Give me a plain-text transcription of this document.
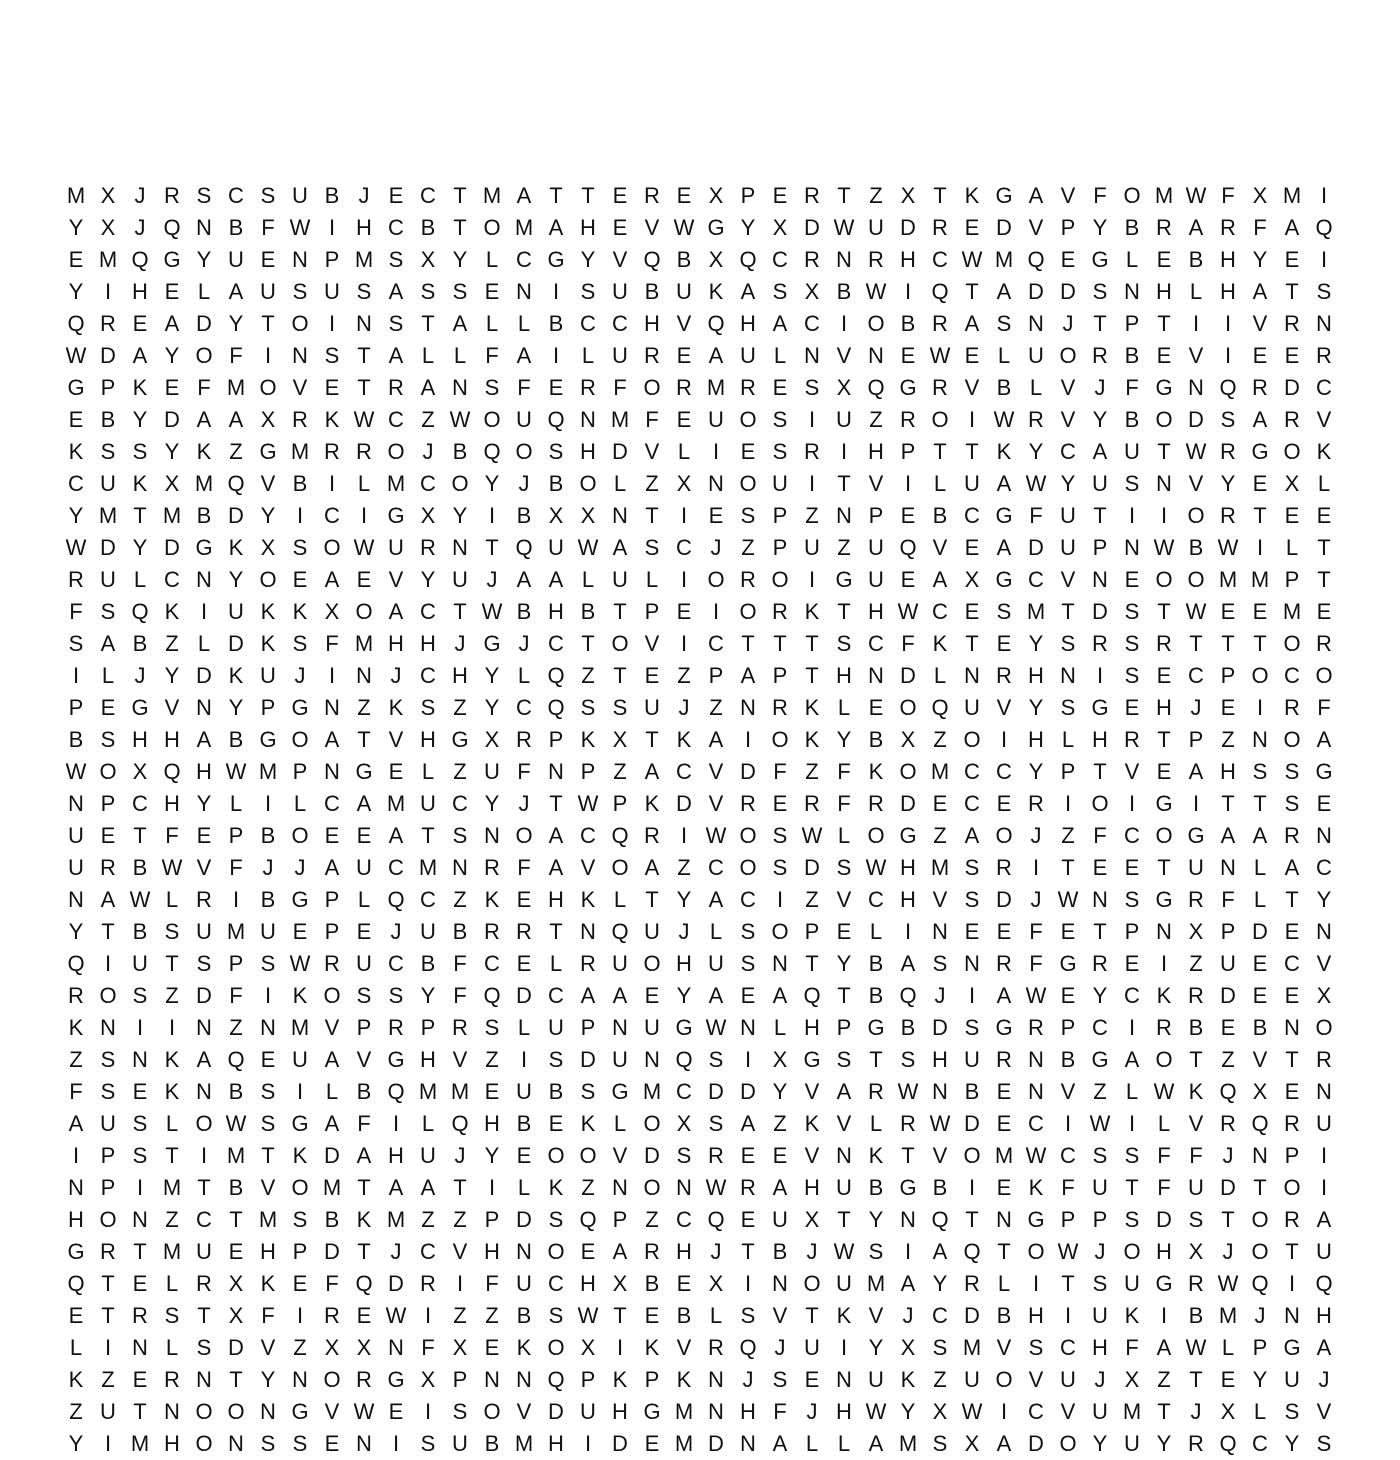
M X J R S C S U B J E C T M A T T E R E X P E R T Z X T K G A V F O M W F X M I
Y X J Q N B F W I H C B T O M A H E V W G Y X D W U D R E D V P Y B R A R F A Q
E M Q G Y U E N P M S X Y L C G Y V Q B X Q C R N R H C W M Q E G L E B H Y E I
Y I H E L A U S U S A S S E N I S U B U K A S X B W I Q T A D D S N H L H A T S
Q R E A D Y T O I N S T A L L B C C H V Q H A C I O B R A S N J T P T	I	I V R N
W D A Y O F	I N S T A L L F A I	L U R E A U L N V N E W E L U O R B E V I E E R
G P K E F M O V E T R A N S F E R F O R M R E S X Q G R V B L V J F G N Q R D C
E B Y D A A X R K W C Z W O U Q N M F E U O S I U Z R O I W R V Y B O D S A R V
K S S Y K Z G M R R O J B Q O S H D V L	I E S R I H P T T K Y C A U T W R G O K
C U K X M Q V B I	L M C O Y J B O L Z X N O U I	T V I	L U A W Y U S N V Y E X L
Y M T M B D Y I C I G X Y I B X X N T	I E S P Z N P E B C G F U T	I	I O R T E E
W D Y D G K X S O W U R N T Q U W A S C J Z P U Z U Q V E A D U P N W B W I	L T
R U L C N Y O E A E V Y U J A A L U L	I O R O I G U E A X G C V N E O O M M P T
F S Q K I U K K X O A C T W B H B T P E I O R K T H W C E S M T D S T W E E M E
S A B Z L D K S F M H H J G J C T O V I C T T T S C F K T E Y S R S R T T T O R
I	L J Y D K U J	I N J C H Y L Q Z T E Z P A P T H N D L N R H N I S E C P O C O
P E G V N Y P G N Z K S Z Y C Q S S U J Z N R K L E O Q U V Y S G E H J E I R F
B S H H A B G O A T V H G X R P K X T K A I O K Y B X Z O I H L H R T P Z N O A
W O X Q H W M P N G E L Z U F N P Z A C V D F Z F K O M C C Y P T V E A H S S G
N P C H Y L	I	L C A M U C Y J T W P K D V R E R F R D E C E R I O I G I	T T S E
U E T F E P B O E E A T S N O A C Q R I W O S W L O G Z A O J Z F C O G A A R N
U R B W V F J J A U C M N R F A V O A Z C O S D S W H M S R I	T E E T U N L A C
N A W L R I B G P L Q C Z K E H K L T Y A C I	Z V C H V S D J W N S G R F L T Y
Y T B S U M U E P E J U B R R T N Q U J L S O P E L	I N E E F E T P N X P D E N
Q I U T S P S W R U C B F C E L R U O H U S N T Y B A S N R F G R E I	Z U E C V
R O S Z D F	I K O S S Y F Q D C A A E Y A E A Q T B Q J	I A W E Y C K R D E E X
K N I	I N Z N M V P R P R S L U P N U G W N L H P G B D S G R P C I R B E B N O
Z S N K A Q E U A V G H V Z	I S D U N Q S I X G S T S H U R N B G A O T Z V T R
F S E K N B S I	L B Q M M E U B S G M C D D Y V A R W N B E N V Z L W K Q X E N
A U S L O W S G A F	I	L Q H B E K L O X S A Z K V L R W D E C I W I	L V R Q R U
I P S T	I M T K D A H U J Y E O O V D S R E E V N K T V O M W C S S F F J N P I
N P I M T B V O M T A A T	I	L K Z N O N W R A H U B G B I E K F U T F U D T O I
H O N Z C T M S B K M Z Z P D S Q P Z C Q E U X T Y N Q T N G P P S D S T O R A
G R T M U E H P D T J C V H N O E A R H J T B J W S I A Q T O W J O H X J O T U
Q T E L R X K E F Q D R I	F U C H X B E X I N O U M A Y R L	I	T S U G R W Q I Q
E T R S T X F	I R E W I	Z Z B S W T E B L S V T K V J C D B H I U K I B M J N H
L	I N L S D V Z X X N F X E K O X I K V R Q J U I Y X S M V S C H F A W L P G A
K Z E R N T Y N O R G X P N N Q P K P K N J S E N U K Z U O V U J X Z T E Y U J
Z U T N O O N G V W E I S O V D U H G M N H F J H W Y X W I C V U M T J X L S V
Y I M H O N S S E N I S U B M H I D E M D N A L L A M S X A D O Y U Y R Q C Y S
